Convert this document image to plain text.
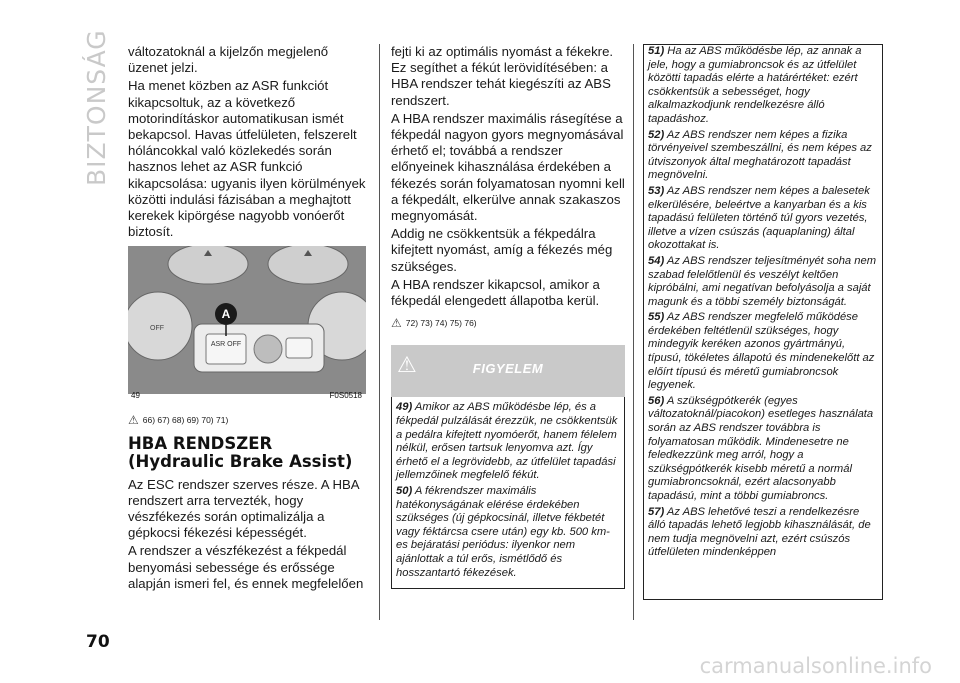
BIZTONSÁG változatoknál a kijelzőn megjelenő üzenet jelzi.

Ha menet közben az ASR funkciót kikapcsoltuk, az a következő motorindításkor automatikusan ismét bekapcsol. Havas útfelületen, felszerelt hóláncokkal való közlekedés során hasznos lehet az ASR funkció kikapcsolása: ugyanis ilyen körülmények közötti indulási fázisában a meghajtott kerekek kipörgése nagyobb vonóerőt biztosít.

ASR OFF
OFF
A
49	F0S0518
⚠ 66) 67) 68) 69) 70) 71)
HBA RENDSZER (Hydraulic Brake Assist)

Az ESC rendszer szerves része. A HBA rendszert arra tervezték, hogy vészfékezés során optimalizálja a gépkocsi fékezési képességét.

A rendszer a vészfékezést a fékpedál benyomási sebessége és erőssége alapján ismeri fel, és ennek megfelelően

fejti ki az optimális nyomást a fékekre. Ez segíthet a fékút lerövidítésében: a HBA rendszer tehát kiegészíti az ABS rendszert.

A HBA rendszer maximális rásegítése a fékpedál nagyon gyors megnyomásával érhető el; továbbá a rendszer előnyeinek kihasználása érdekében a fékezés során folyamatosan nyomni kell a fékpedált, elkerülve annak szakaszos megnyomását.

Addig ne csökkentsük a fékpedálra kifejtett nyomást, amíg a fékezés még szükséges.

A HBA rendszer kikapcsol, amikor a fékpedál elengedett állapotba kerül.

⚠ 72) 73) 74) 75) 76)
⚠	FIGYELEM

49) Amikor az ABS működésbe lép, és a fékpedál pulzálását érezzük, ne csökkentsük a pedálra kifejtett nyomóerőt, hanem félelem nélkül, erősen tartsuk lenyomva azt. Így érhető el a legrövidebb, az útfelület tapadási jellemzőinek megfelelő fékút.

50) A fékrendszer maximális hatékonyságának elérése érdekében szükséges (új gépkocsinál, illetve fékbetét vagy féktárcsa csere után) egy kb. 500 km-es bejáratási periódus: ilyenkor nem ajánlottak a túl erős, ismétlődő és hosszantartó fékezések.

51) Ha az ABS működésbe lép, az annak a jele, hogy a gumiabroncsok és az útfelület közötti tapadás elérte a határértéket: ezért csökkentsük a sebességet, hogy alkalmazkodjunk rendelkezésre álló tapadáshoz.

52) Az ABS rendszer nem képes a fizika törvényeivel szembeszállni, és nem képes az útviszonyok által meghatározott tapadást megnövelni.

53) Az ABS rendszer nem képes a balesetek elkerülésére, beleértve a kanyarban és a kis tapadású felületen történő túl gyors vezetés, illetve a vízen csúszás (aquaplaning) által okozottakat is.

54) Az ABS rendszer teljesítményét soha nem szabad felelőtlenül és veszélyt keltően kipróbálni, ami negatívan befolyásolja a saját magunk és a többi személy biztonságát.

55) Az ABS rendszer megfelelő működése érdekében feltétlenül szükséges, hogy mindegyik keréken azonos gyártmányú, típusú, tökéletes állapotú és mindenekelőtt az előírt típusú és méretű gumiabroncsok legyenek.

56) A szükségpótkerék (egyes változatoknál/piacokon) esetleges használata során az ABS rendszer továbbra is folyamatosan működik. Mindenesetre ne feledkezzünk meg arról, hogy a szükségpótkerék kisebb méretű a normál gumiabroncsoknál, ezért alacsonyabb tapadású, mint a többi gumiabroncs.

57) Az ABS lehetővé teszi a rendelkezésre álló tapadás lehető legjobb kihasználását, de nem tudja megnövelni azt, ezért csúszós útfelületen mindenképpen

70
carmanualsonline.info
